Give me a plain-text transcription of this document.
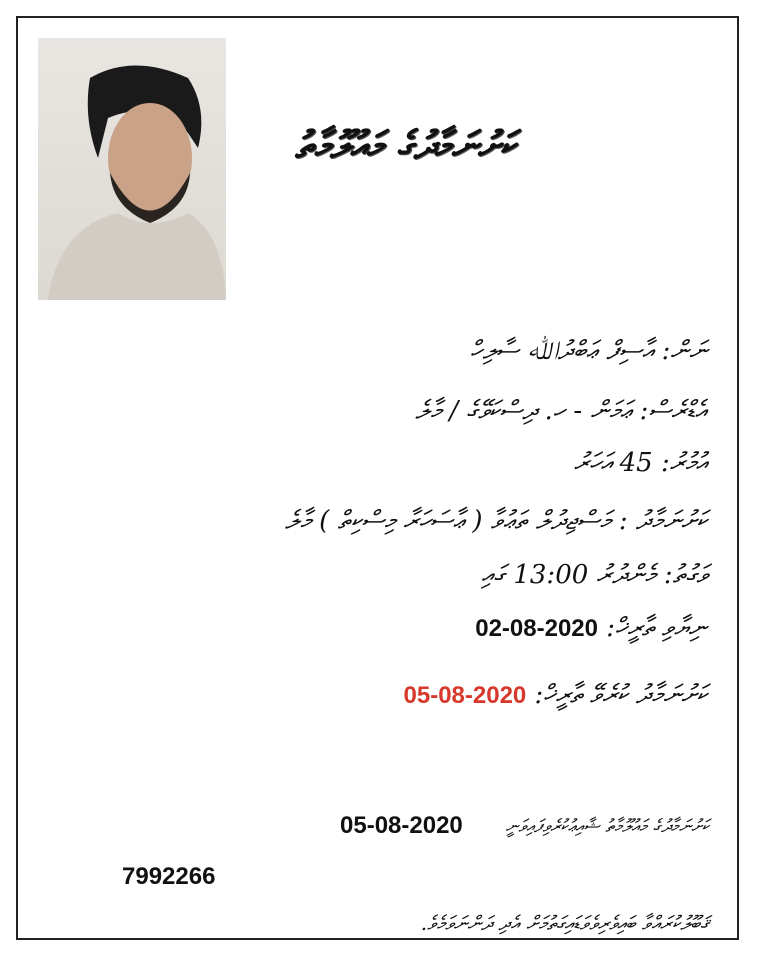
ކަށުނަމާދުގެ މައުލޫމާތު
ނަން: އާސިފް ޢަބްދުﷲ ސާލިހް
އެޑްރެސް: ޢަމަން - ހ. ދިސްކަވޭގެ / މާލެ
އުމުރު: 45 އަހަރު
ކަށުނަމާދު : މަސްޖިދުލް ތަޢުވާ ( ޢާސަހަރާ މިސްކިތް ) މާލެ
ވަގުތު: މެންދުރު 13:00 ގައި
ނިޔާވި ތާރީޚް: 02-08-2020
ކަށުނަމާދު ކުރެވޭ ތާރީޚް: 05-08-2020
ކަށުނަމާދުގެ މައުލޫމާތު ޝާއިޢުކުރެވިފައިވަނީ
05-08-2020
7992266
ޤަބޫލުކުރައްވާ ބައިވެރިވެވަޑައިގަތުމަށް އެދި ދަންނަވަމެވެ.
